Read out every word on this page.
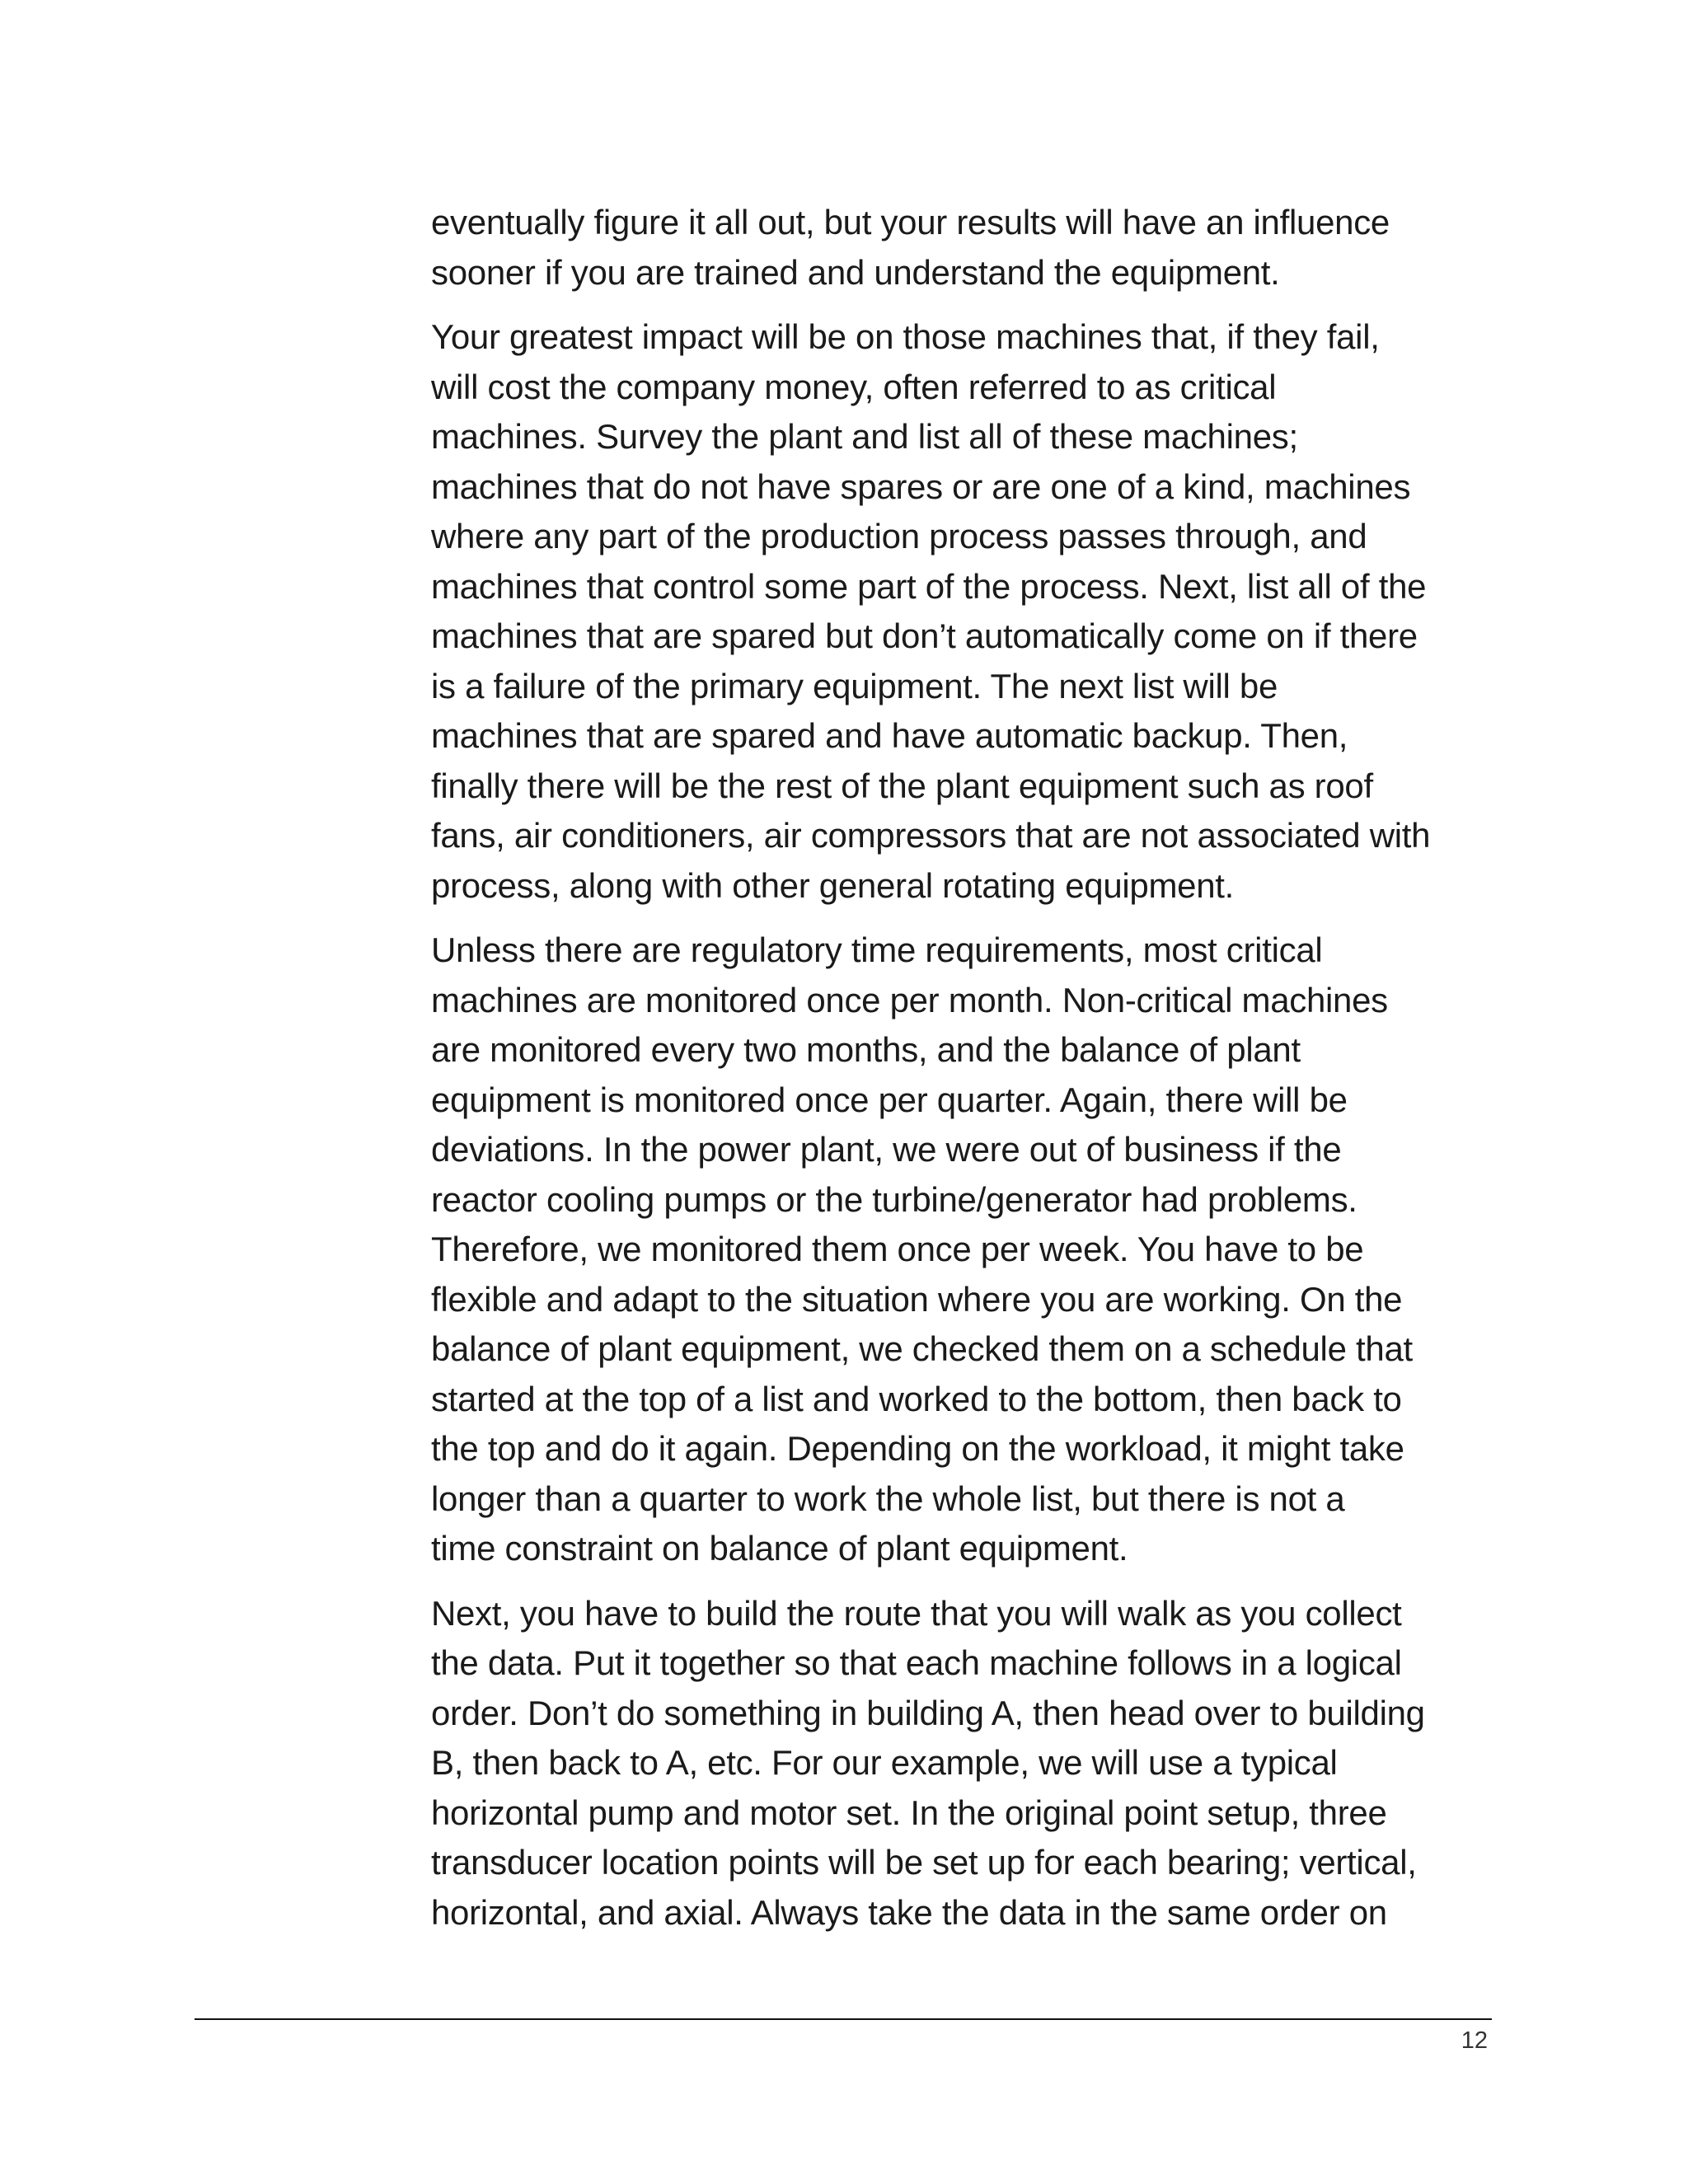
eventually figure it all out, but your results will have an influence
sooner if you are trained and understand the equipment.

Your greatest impact will be on those machines that, if they fail,
will cost the company money, often referred to as critical
machines. Survey the plant and list all of these machines;
machines that do not have spares or are one of a kind, machines
where any part of the production process passes through, and
machines that control some part of the process. Next, list all of the
machines that are spared but don’t automatically come on if there
is a failure of the primary equipment. The next list will be
machines that are spared and have automatic backup. Then,
finally there will be the rest of the plant equipment such as roof
fans, air conditioners, air compressors that are not associated with
process, along with other general rotating equipment.

Unless there are regulatory time requirements, most critical
machines are monitored once per month. Non-critical machines
are monitored every two months, and the balance of plant
equipment is monitored once per quarter. Again, there will be
deviations. In the power plant, we were out of business if the
reactor cooling pumps or the turbine/generator had problems.
Therefore, we monitored them once per week. You have to be
flexible and adapt to the situation where you are working. On the
balance of plant equipment, we checked them on a schedule that
started at the top of a list and worked to the bottom, then back to
the top and do it again. Depending on the workload, it might take
longer than a quarter to work the whole list, but there is not a
time constraint on balance of plant equipment.

Next, you have to build the route that you will walk as you collect
the data. Put it together so that each machine follows in a logical
order. Don’t do something in building A, then head over to building
B, then back to A, etc. For our example, we will use a typical
horizontal pump and motor set. In the original point setup, three
transducer location points will be set up for each bearing; vertical,
horizontal, and axial. Always take the data in the same order on

12
